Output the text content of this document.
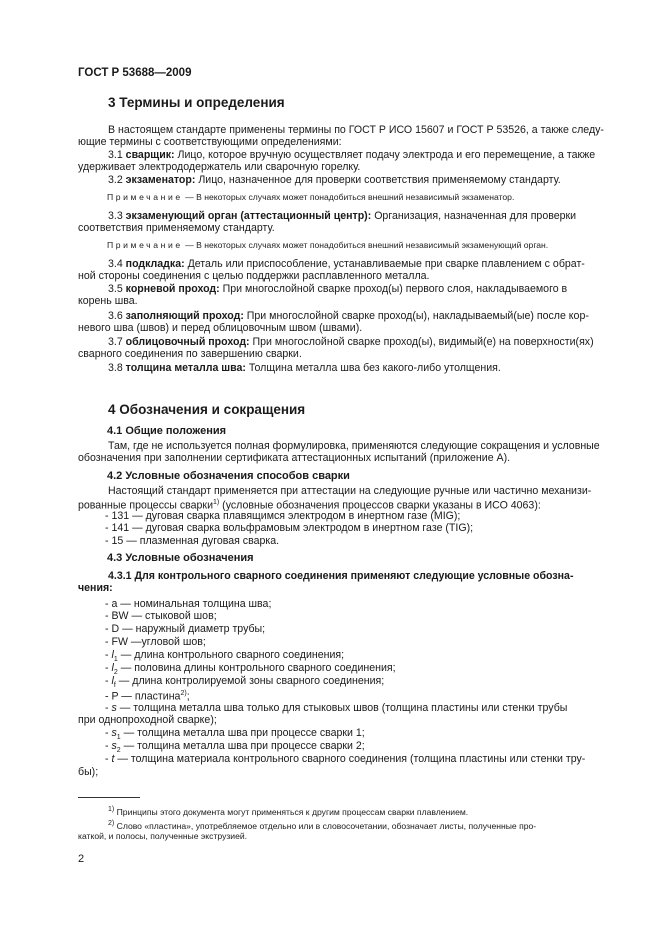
ГОСТ Р 53688—2009
3 Термины и определения
В настоящем стандарте применены термины по ГОСТ Р ИСО 15607 и ГОСТ Р 53526, а также следу-
ющие термины с соответствующими определениями:
3.1 сварщик: Лицо, которое вручную осуществляет подачу электрода и его перемещение, а также
удерживает электрододержатель или сварочную горелку.
3.2 экзаменатор: Лицо, назначенное для проверки соответствия применяемому стандарту.
Примечание — В некоторых случаях может понадобиться внешний независимый экзаменатор.
3.3 экзаменующий орган (аттестационный центр): Организация, назначенная для проверки
соответствия применяемому стандарту.
Примечание — В некоторых случаях может понадобиться внешний независимый экзаменующий орган.
3.4 подкладка: Деталь или приспособление, устанавливаемые при сварке плавлением с обрат-
ной стороны соединения с целью поддержки расплавленного металла.
3.5 корневой проход: При многослойной сварке проход(ы) первого слоя, накладываемого в
корень шва.
3.6 заполняющий проход: При многослойной сварке проход(ы), накладываемый(ые) после кор-
невого шва (швов) и перед облицовочным швом (швами).
3.7 облицовочный проход: При многослойной сварке проход(ы), видимый(е) на поверхности(ях)
сварного соединения по завершению сварки.
3.8 толщина металла шва: Толщина металла шва без какого-либо утолщения.
4 Обозначения и сокращения
4.1 Общие положения
Там, где не используется полная формулировка, применяются следующие сокращения и условные
обозначения при заполнении сертификата аттестационных испытаний (приложение А).
4.2 Условные обозначения способов сварки
Настоящий стандарт применяется при аттестации на следующие ручные или частично механизи-
рованные процессы сварки$^{1)}$ (условные обозначения процессов сварки указаны в ИСО 4063):
- 131 — дуговая сварка плавящимся электродом в инертном газе (MIG);
- 141 — дуговая сварка вольфрамовым электродом в инертном газе (TIG);
- 15 — плазменная дуговая сварка.
4.3 Условные обозначения
4.3.1 Для контрольного сварного соединения применяют следующие условные обозна-
чения:
- a — номинальная толщина шва;
- BW — стыковой шов;
- D — наружный диаметр трубы;
- FW —угловой шов;
- $l_1$ — длина контрольного сварного соединения;
- $l_2$ — половина длины контрольного сварного соединения;
- $l_f$ — длина контролируемой зоны сварного соединения;
- P — пластина$^{2)}$;
- s — толщина металла шва только для стыковых швов (толщина пластины или стенки трубы
при однопроходной сварке);
- $s_1$ — толщина металла шва при процессе сварки 1;
- $s_2$ — толщина металла шва при процессе сварки 2;
- t — толщина материала контрольного сварного соединения (толщина пластины или стенки тру-
бы);
$^{1)}$ Принципы этого документа могут применяться к другим процессам сварки плавлением.
$^{2)}$ Слово «пластина», употребляемое отдельно или в словосочетании, обозначает листы, полученные про-
каткой, и полосы, полученные экструзией.
2
